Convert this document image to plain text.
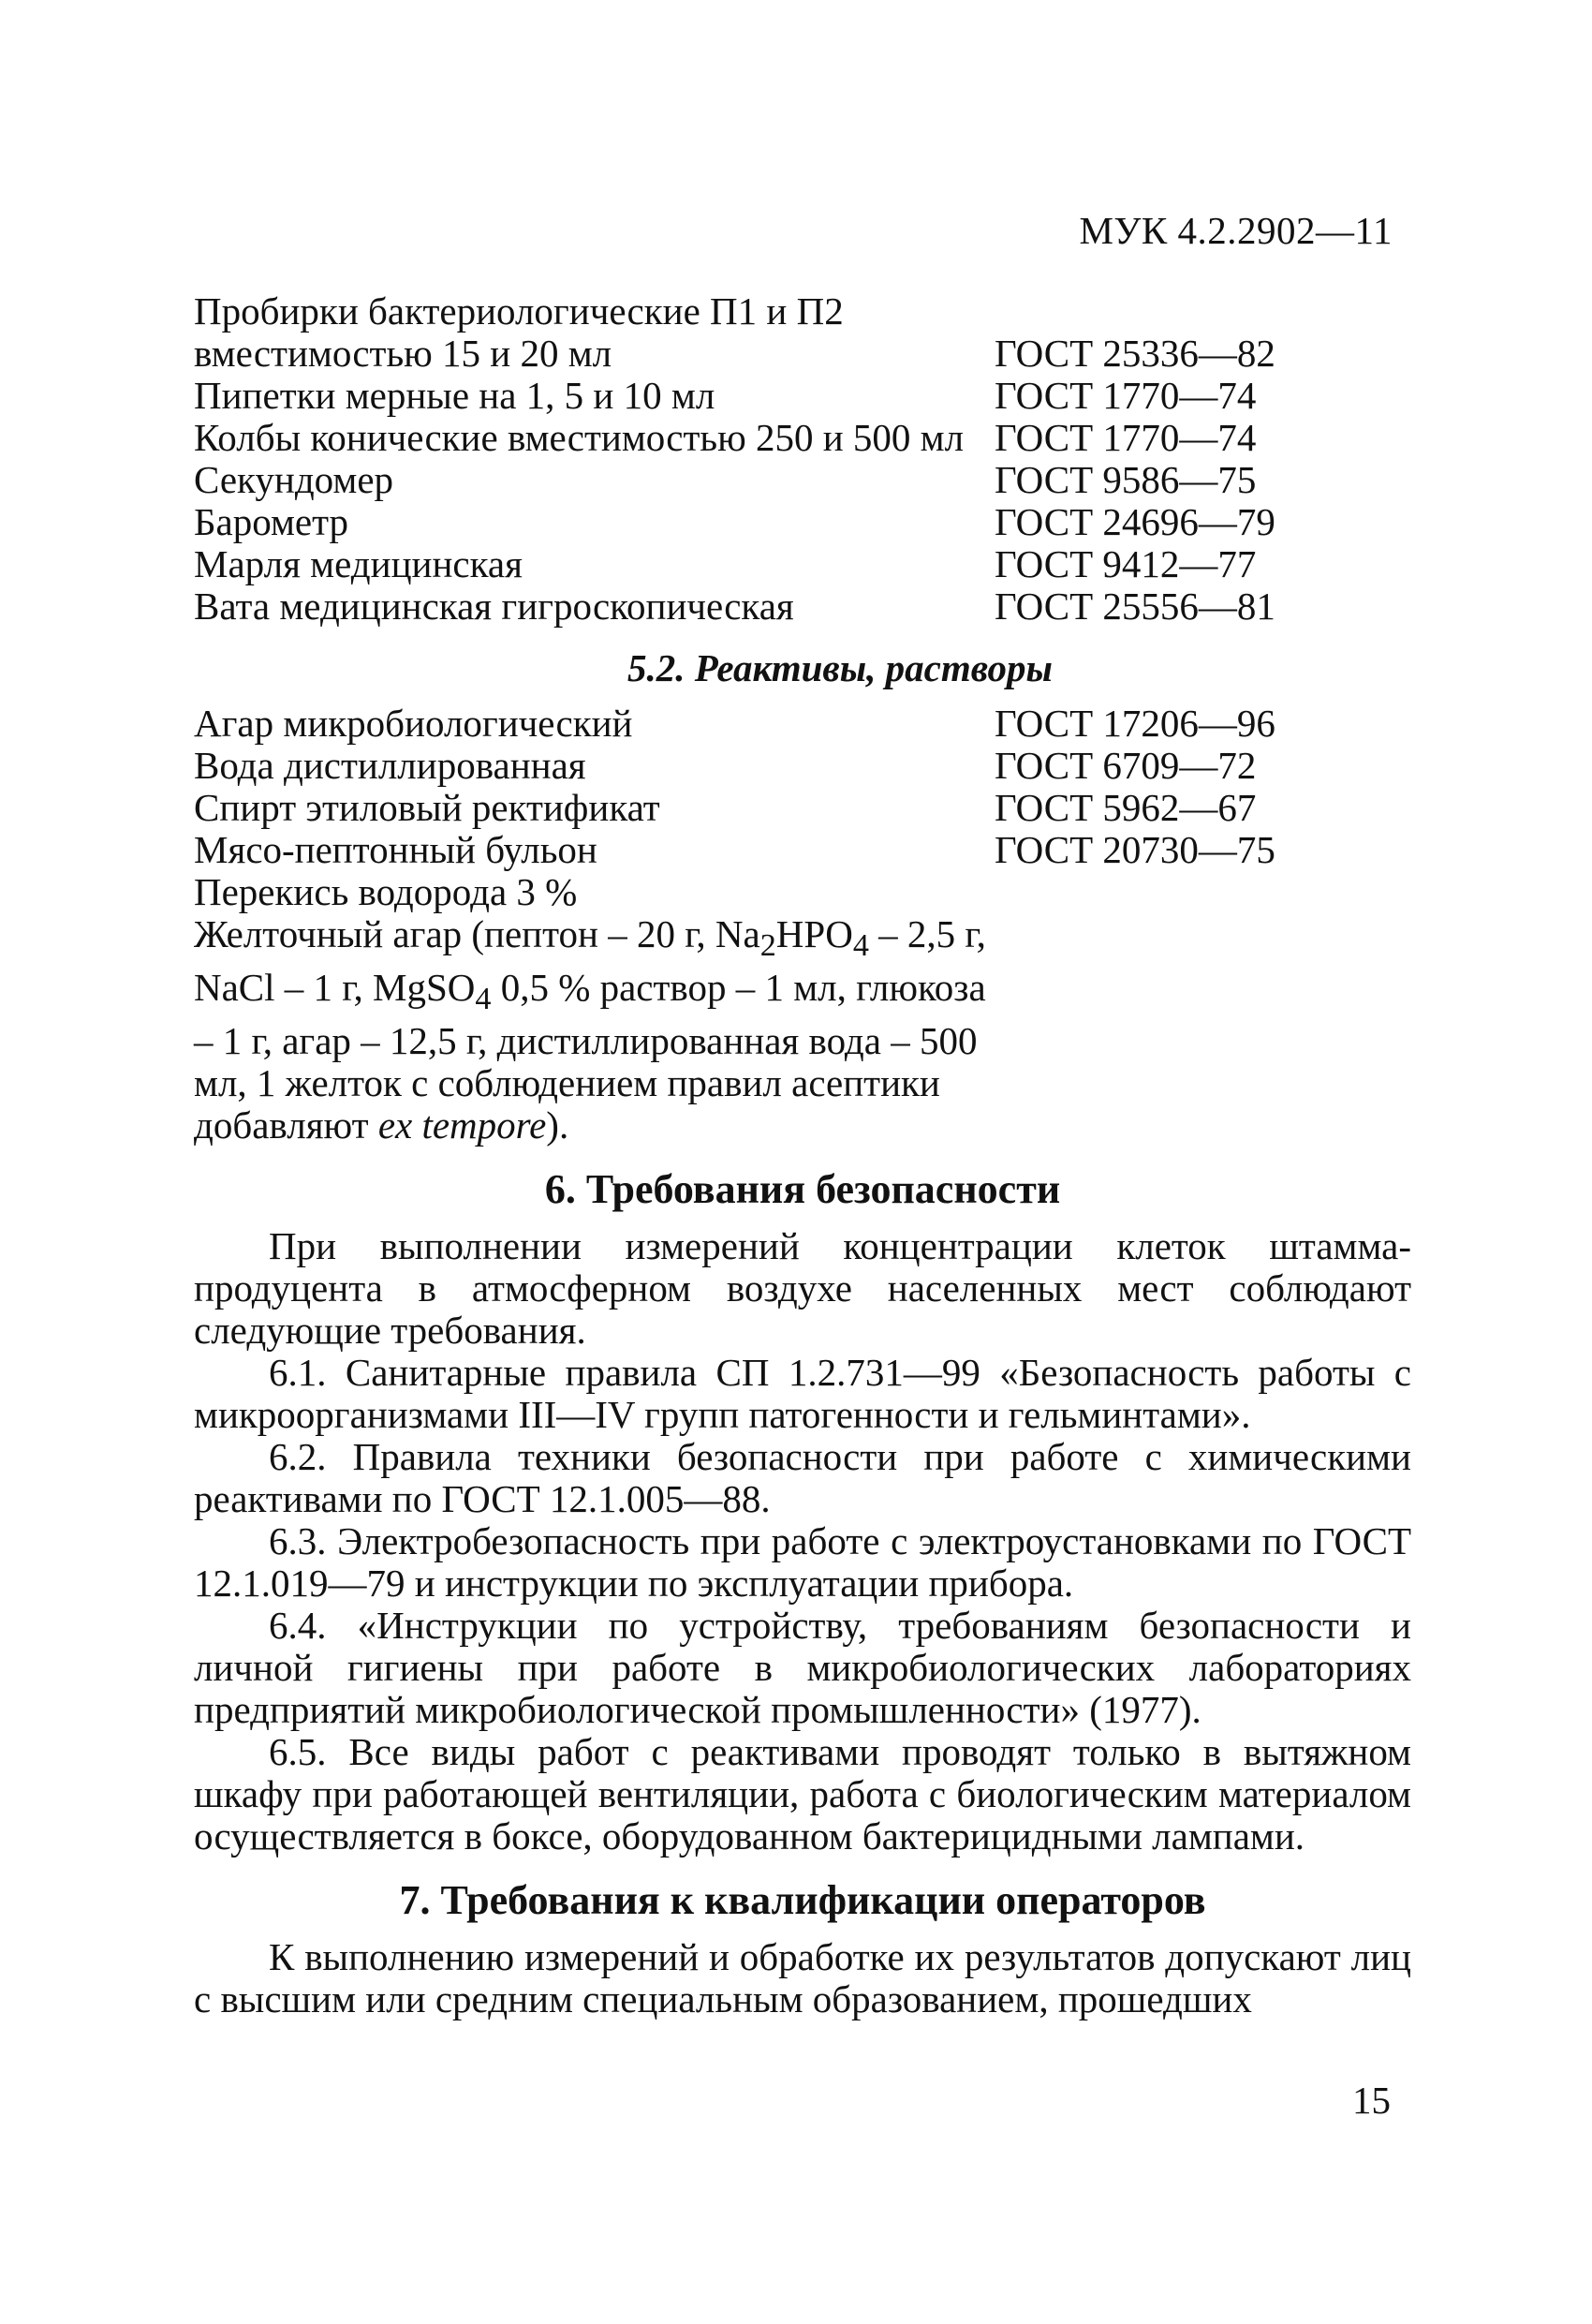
МУК 4.2.2902—11
Пробирки бактериологические П1 и П2
вместимостью 15 и 20 мл	ГОСТ 25336—82
Пипетки мерные на 1, 5 и 10 мл	ГОСТ 1770—74
Колбы конические вместимостью 250 и 500 мл ГОСТ 1770—74
Секундомер	ГОСТ 9586—75
Барометр	ГОСТ 24696—79
Марля медицинская	ГОСТ 9412—77
Вата медицинская гигроскопическая	ГОСТ 25556—81
5.2. Реактивы, растворы
Агар микробиологический	ГОСТ 17206—96
Вода дистиллированная	ГОСТ 6709—72
Спирт этиловый ректификат	ГОСТ 5962—67
Мясо-пептонный бульон	ГОСТ 20730—75
Перекись водорода 3 %
Желточный агар (пептон – 20 г, $Na_2HPO_4 - 2,5$ г, NaCl – 1 г, MgSO$_4$ 0,5 % раствор – 1 мл, глюкоза – 1 г, агар – 12,5 г, дистиллированная вода – 500 мл, 1 желток с соблюдением правил асептики добавляют ex tempore).
6. Требования безопасности

При выполнении измерений концентрации клеток штамма-продуцента в атмосферном воздухе населенных мест соблюдают следующие требования.

6.1. Санитарные правила СП 1.2.731—99 «Безопасность работы с микроорганизмами III—IV групп патогенности и гельминтами».

6.2. Правила техники безопасности при работе с химическими реактивами по ГОСТ 12.1.005—88.

6.3. Электробезопасность при работе с электроустановками по ГОСТ 12.1.019—79 и инструкции по эксплуатации прибора.

6.4. «Инструкции по устройству, требованиям безопасности и личной гигиены при работе в микробиологических лабораториях предприятий микробиологической промышленности» (1977).

6.5. Все виды работ с реактивами проводят только в вытяжном шкафу при работающей вентиляции, работа с биологическим материалом осуществляется в боксе, оборудованном бактерицидными лампами.

7. Требования к квалификации операторов

К выполнению измерений и обработке их результатов допускают лиц с высшим или средним специальным образованием, прошедших

15
